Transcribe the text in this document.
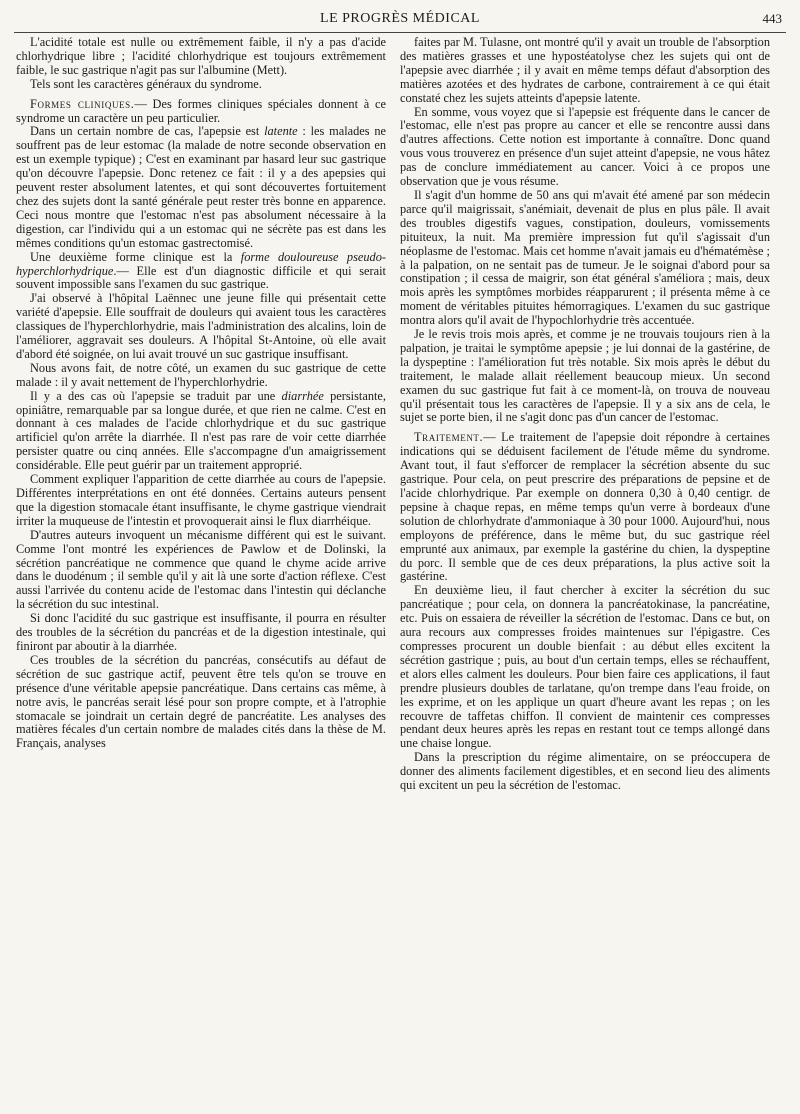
LE PROGRÈS MÉDICAL	443

L'acidité totale est nulle ou extrêmement faible, il n'y a pas d'acide chlorhydrique libre ; l'acidité chlorhydrique est toujours extrêmement faible, le suc gastrique n'agit pas sur l'albumine (Mett).

Tels sont les caractères généraux du syndrome.

Formes cliniques.— Des formes cliniques spéciales donnent à ce syndrome un caractère un peu particulier.

Dans un certain nombre de cas, l'apepsie est latente : les malades ne souffrent pas de leur estomac (la malade de notre seconde observation en est un exemple typique) ; C'est en examinant par hasard leur suc gastrique qu'on découvre l'apepsie. Donc retenez ce fait : il y a des apepsies qui peuvent rester absolument latentes, et qui sont découvertes fortuitement chez des sujets dont la santé générale peut rester très bonne en apparence. Ceci nous montre que l'estomac n'est pas absolument nécessaire à la digestion, car l'individu qui a un estomac qui ne sécrète pas est dans les mêmes conditions qu'un estomac gastrectomisé.

Une deuxième forme clinique est la forme douloureuse pseudo-hyperchlorhydrique.— Elle est d'un diagnostic difficile et qui serait souvent impossible sans l'examen du suc gastrique.

J'ai observé à l'hôpital Laënnec une jeune fille qui présentait cette variété d'apepsie. Elle souffrait de douleurs qui avaient tous les caractères classiques de l'hyperchlorhydrie, mais l'administration des alcalins, loin de l'améliorer, aggravait ses douleurs. A l'hôpital St-Antoine, où elle avait d'abord été soignée, on lui avait trouvé un suc gastrique insuffisant.

Nous avons fait, de notre côté, un examen du suc gastrique de cette malade : il y avait nettement de l'hyperchlorhydrie.

Il y a des cas où l'apepsie se traduit par une diarrhée persistante, opiniâtre, remarquable par sa longue durée, et que rien ne calme. C'est en donnant à ces malades de l'acide chlorhydrique et du suc gastrique artificiel qu'on arrête la diarrhée. Il n'est pas rare de voir cette diarrhée persister quatre ou cinq années. Elle s'accompagne d'un amaigrissement considérable. Elle peut guérir par un traitement approprié.

Comment expliquer l'apparition de cette diarrhée au cours de l'apepsie. Différentes interprétations en ont été données. Certains auteurs pensent que la digestion stomacale étant insuffisante, le chyme gastrique viendrait irriter la muqueuse de l'intestin et provoquerait ainsi le flux diarrhéique.

D'autres auteurs invoquent un mécanisme différent qui est le suivant. Comme l'ont montré les expériences de Pawlow et de Dolinski, la sécrétion pancréatique ne commence que quand le chyme acide arrive dans le duodénum ; il semble qu'il y ait là une sorte d'action réflexe. C'est aussi l'arrivée du contenu acide de l'estomac dans l'intestin qui déclanche la sécrétion du suc intestinal.

Si donc l'acidité du suc gastrique est insuffisante, il pourra en résulter des troubles de la sécrétion du pancréas et de la digestion intestinale, qui finiront par aboutir à la diarrhée.

Ces troubles de la sécrétion du pancréas, consécutifs au défaut de sécrétion de suc gastrique actif, peuvent être tels qu'on se trouve en présence d'une véritable apepsie pancréatique. Dans certains cas même, à notre avis, le pancréas serait lésé pour son propre compte, et à l'atrophie stomacale se joindrait un certain degré de pancréatite. Les analyses des matières fécales d'un certain nombre de malades cités dans la thèse de M. Français, analyses

faites par M. Tulasne, ont montré qu'il y avait un trouble de l'absorption des matières grasses et une hypostéatolyse chez les sujets qui ont de l'apepsie avec diarrhée ; il y avait en même temps défaut d'absorption des matières azotées et des hydrates de carbone, contrairement à ce qui était constaté chez les sujets atteints d'apepsie latente.

En somme, vous voyez que si l'apepsie est fréquente dans le cancer de l'estomac, elle n'est pas propre au cancer et elle se rencontre aussi dans d'autres affections. Cette notion est importante à connaître. Donc quand vous vous trouverez en présence d'un sujet atteint d'apepsie, ne vous hâtez pas de conclure immédiatement au cancer. Voici à ce propos une observation que je vous résume.

Il s'agit d'un homme de 50 ans qui m'avait été amené par son médecin parce qu'il maigrissait, s'anémiait, devenait de plus en plus pâle. Il avait des troubles digestifs vagues, constipation, douleurs, vomissements pituiteux, la nuit. Ma première impression fut qu'il s'agissait d'un néoplasme de l'estomac. Mais cet homme n'avait jamais eu d'hématémèse ; à la palpation, on ne sentait pas de tumeur. Je le soignai d'abord pour sa constipation ; il cessa de maigrir, son état général s'améliora ; mais, deux mois après les symptômes morbides réapparurent ; il présenta même à ce moment de véritables pituites hémorragiques. L'examen du suc gastrique montra alors qu'il avait de l'hypochlorhydrie très accentuée.

Je le revis trois mois après, et comme je ne trouvais toujours rien à la palpation, je traitai le symptôme apepsie ; je lui donnai de la gastérine, de la dyspeptine : l'amélioration fut très notable. Six mois après le début du traitement, le malade allait réellement beaucoup mieux. Un second examen du suc gastrique fut fait à ce moment-là, on trouva de nouveau qu'il présentait tous les caractères de l'apepsie. Il y a six ans de cela, le sujet se porte bien, il ne s'agit donc pas d'un cancer de l'estomac.

Traitement.— Le traitement de l'apepsie doit répondre à certaines indications qui se déduisent facilement de l'étude même du syndrome. Avant tout, il faut s'efforcer de remplacer la sécrétion absente du suc gastrique. Pour cela, on peut prescrire des préparations de pepsine et de l'acide chlorhydrique. Par exemple on donnera 0,30 à 0,40 centigr. de pepsine à chaque repas, en même temps qu'un verre à bordeaux d'une solution de chlorhydrate d'ammoniaque à 30 pour 1000. Aujourd'hui, nous employons de préférence, dans le même but, du suc gastrique réel emprunté aux animaux, par exemple la gastérine du chien, la dyspeptine du porc. Il semble que de ces deux préparations, la plus active soit la gastérine.

En deuxième lieu, il faut chercher à exciter la sécrétion du suc pancréatique ; pour cela, on donnera la pancréatokinase, la pancréatine, etc. Puis on essaiera de réveiller la sécrétion de l'estomac. Dans ce but, on aura recours aux compresses froides maintenues sur l'épigastre. Ces compresses procurent un double bienfait : au début elles excitent la sécrétion gastrique ; puis, au bout d'un certain temps, elles se réchauffent, et alors elles calment les douleurs. Pour bien faire ces applications, il faut prendre plusieurs doubles de tarlatane, qu'on trempe dans l'eau froide, on les exprime, et on les applique un quart d'heure avant les repas ; on les recouvre de taffetas chiffon. Il convient de maintenir ces compresses pendant deux heures après les repas en restant tout ce temps allongé dans une chaise longue.

Dans la prescription du régime alimentaire, on se préoccupera de donner des aliments facilement digestibles, et en second lieu des aliments qui excitent un peu la sécrétion de l'estomac.
